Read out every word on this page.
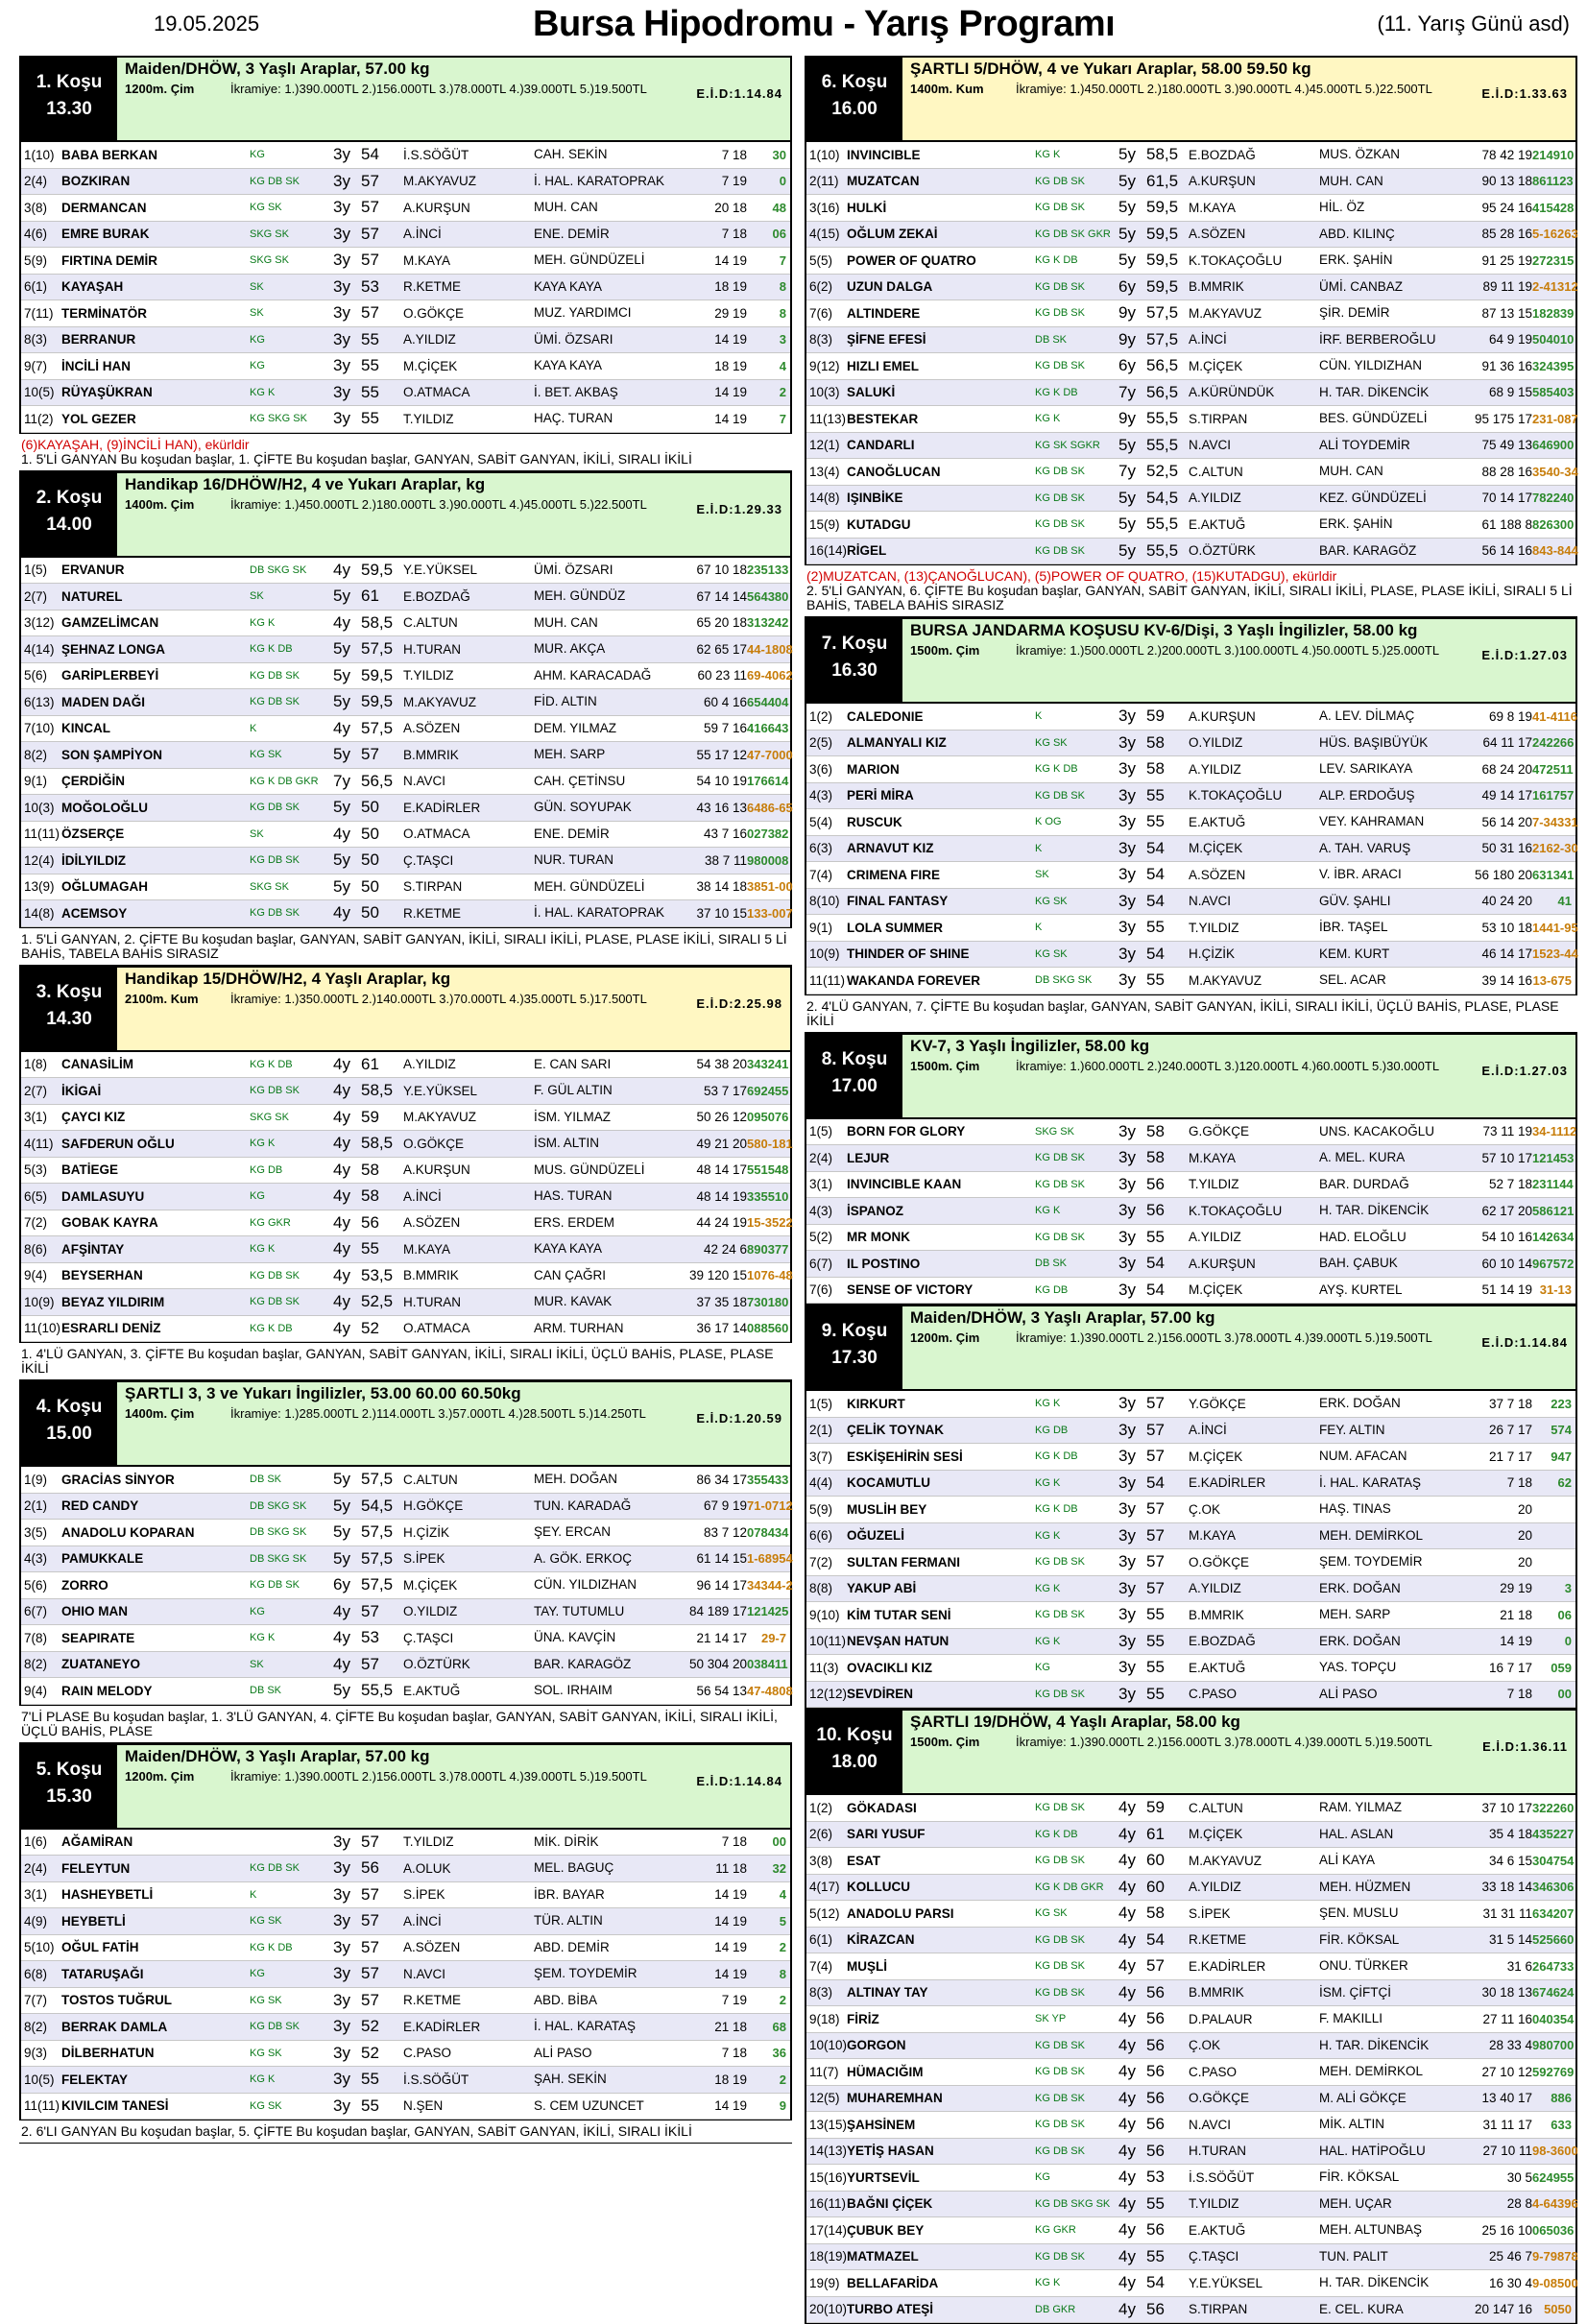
19.05.2025	Bursa Hipodromu - Yarış Programı	(11. Yarış Günü asd)
1. Koşu
13.30
Maiden/DHÖW, 3 Yaşlı Araplar, 57.00 kg
1200m. Çim	İkramiye: 1.)390.000TL 2.)156.000TL 3.)78.000TL 4.)39.000TL 5.)19.500TL	E.İ.D:1.14.84
1(10) BABA BERKAN	KG	3y 54	İ.S.SÖĞÜT	CAH. SEKİN	7 18	30
2(4)	BOZKIRAN	KG DB SK	3y 57	M.AKYAVUZ	İ. HAL. KARATOPRAK	7 19	0
3(8)	DERMANCAN	KG SK	3y 57	A.KURŞUN	MUH. CAN	20 18	48
4(6)	EMRE BURAK	SKG SK	3y 57	A.İNCİ	ENE. DEMİR	7 18	06
5(9)	FIRTINA DEMİR	SKG SK	3y 57	M.KAYA	MEH. GÜNDÜZELİ	14 19	7
6(1)	KAYAŞAH	SK	3y 53	R.KETME	KAYA KAYA	18 19	8
7(11) TERMİNATÖR	SK	3y 57	O.GÖKÇE	MUZ. YARDIMCI	29 19	8
8(3)	BERRANUR	KG	3y 55	A.YILDIZ	ÜMİ. ÖZSARI	14 19	3
9(7)	İNCİLİ HAN	KG	3y 55	M.ÇİÇEK	KAYA KAYA	18 19	4
10(5) RÜYAŞÜKRAN	KG K	3y 55	O.ATMACA	İ. BET. AKBAŞ	14 19	2
11(2) YOL GEZER	KG SKG SK	3y 55	T.YILDIZ	HAÇ. TURAN	14 19	7
(6)KAYAŞAH, (9)İNCİLİ HAN), ekürldir
1. 5'Lİ GANYAN Bu koşudan başlar, 1. ÇİFTE Bu koşudan başlar, GANYAN, SABİT GANYAN, İKİLİ, SIRALI İKİLİ
2. Koşu
14.00
Handikap 16/DHÖW/H2, 4 ve Yukarı Araplar, kg
1400m. Çim	İkramiye: 1.)450.000TL 2.)180.000TL 3.)90.000TL 4.)45.000TL 5.)22.500TL	E.İ.D:1.29.33
1(5)	ERVANUR	DB SKG SK	4y 59,5 Y.E.YÜKSEL	ÜMİ. ÖZSARI	67 10 18 235133
2(7)	NATUREL	SK	5y 61	E.BOZDAĞ	MEH. GÜNDÜZ	67 14 14 564380
3(12) GAMZELİMCAN	KG K	4y 58,5 C.ALTUN	MUH. CAN	65 20 18 313242
4(14) ŞEHNAZ LONGA	KG K DB	5y 57,5 H.TURAN	MUR. AKÇA	62 65 17 44-1808
5(6)	GARİPLERBEYİ	KG DB SK	5y 59,5 T.YILDIZ	AHM. KARACADAĞ	60 23 11 69-4062
6(13) MADEN DAĞI	KG DB SK	5y 59,5 M.AKYAVUZ	FİD. ALTIN	60 4 16 654404
7(10) KINCAL	K	4y 57,5 A.SÖZEN	DEM. YILMAZ	59 7 16 416643
8(2)	SON ŞAMPİYON	KG SK	5y 57	B.MMRIK	MEH. SARP	55 17 12 47-7000
9(1)	ÇERDİĞİN	KG K DB GKR 7y 56,5 N.AVCI	CAH. ÇETİNSU	54 10 19 176614
10(3) MOĞOLOĞLU	KG DB SK	5y 50	E.KADİRLER	GÜN. SOYUPAK	43 16 13 6486-65
11(11) ÖZSERÇE	SK	4y 50	O.ATMACA	ENE. DEMİR	43 7 16 027382
12(4) İDİLYILDIZ	KG DB SK	5y 50	Ç.TAŞCI	NUR. TURAN	38 7 11 980008
13(9) OĞLUMAGAH	SKG SK	5y 50	S.TIRPAN	MEH. GÜNDÜZELİ	38 14 18 3851-00
14(8) ACEMSOY	KG DB SK	4y 50	R.KETME	İ. HAL. KARATOPRAK	37 10 15 133-007
1. 5'Lİ GANYAN, 2. ÇİFTE Bu koşudan başlar, GANYAN, SABİT GANYAN, İKİLİ, SIRALI İKİLİ, PLASE, PLASE İKİLİ, SIRALI 5 Lİ BAHİS, TABELA BAHİS SIRASIZ
3. Koşu
14.30
Handikap 15/DHÖW/H2, 4 Yaşlı Araplar, kg
2100m. Kum	İkramiye: 1.)350.000TL 2.)140.000TL 3.)70.000TL 4.)35.000TL 5.)17.500TL	E.İ.D:2.25.98
1(8)	CANASİLİM	KG K DB	4y 61	A.YILDIZ	E. CAN SARI	54 38 20 343241
2(7)	İKİGAİ	KG DB SK	4y 58,5 Y.E.YÜKSEL	F. GÜL ALTIN	53 7 17 692455
3(1)	ÇAYCI KIZ	SKG SK	4y 59	M.AKYAVUZ	İSM. YILMAZ	50 26 12 095076
4(11) SAFDERUN OĞLU	KG K	4y 58,5 O.GÖKÇE	İSM. ALTIN	49 21 20 580-181
5(3)	BATİEGE	KG DB	4y 58	A.KURŞUN	MUS. GÜNDÜZELİ	48 14 17 551548
6(5)	DAMLASUYU	KG	4y 58	A.İNCİ	HAS. TURAN	48 14 19 335510
7(2)	GOBAK KAYRA	KG GKR	4y 56	A.SÖZEN	ERS. ERDEM	44 24 19 15-3522
8(6)	AFŞİNTAY	KG K	4y 55	M.KAYA	KAYA KAYA	42 24 6 890377
9(4)	BEYSERHAN	KG DB SK	4y 53,5 B.MMRIK	CAN ÇAĞRI	39 120 15 1076-48
10(9) BEYAZ YILDIRIM	KG DB SK	4y 52,5 H.TURAN	MUR. KAVAK	37 35 18 730180
11(10) ESRARLI DENİZ	KG K DB	4y 52	O.ATMACA	ARM. TURHAN	36 17 14 088560
1. 4'LÜ GANYAN, 3. ÇİFTE Bu koşudan başlar, GANYAN, SABİT GANYAN, İKİLİ, SIRALI İKİLİ, ÜÇLÜ BAHİS, PLASE, PLASE İKİLİ
4. Koşu
15.00
ŞARTLI 3, 3 ve Yukarı İngilizler, 53.00 60.00 60.50kg
1400m. Çim	İkramiye: 1.)285.000TL 2.)114.000TL 3.)57.000TL 4.)28.500TL 5.)14.250TL	E.İ.D:1.20.59
1(9)	GRACİAS SİNYOR	DB SK	5y 57,5 C.ALTUN	MEH. DOĞAN	86 34 17 355433
2(1)	RED CANDY	DB SKG SK	5y 54,5 H.GÖKÇE	TUN. KARADAĞ	67 9 19 71-0712
3(5)	ANADOLU KOPARAN	DB SKG SK	5y 57,5 H.ÇİZİK	ŞEY. ERCAN	83 7 12 078434
4(3)	PAMUKKALE	DB SKG SK	5y 57,5 S.İPEK	A. GÖK. ERKOÇ	61 14 15 1-68954
5(6)	ZORRO	KG DB SK	6y 57,5 M.ÇİÇEK	CÜN. YILDIZHAN	96 14 17 34344-2
6(7)	OHIO MAN	KG	4y 57	O.YILDIZ	TAY. TUTUMLU	84 189 17 121425
7(8)	SEAPIRATE	KG K	4y 53	Ç.TAŞCI	ÜNA. KAVÇİN	21 14 17	29-7
8(2)	ZUATANEYO	SK	4y 57	O.ÖZTÜRK	BAR. KARAGÖZ	50 304 20 038411
9(4)	RAIN MELODY	DB SK	5y 55,5 E.AKTUĞ	SOL. IRHAIM	56 54 13 47-4808
7'Lİ PLASE Bu koşudan başlar, 1. 3'LÜ GANYAN, 4. ÇİFTE Bu koşudan başlar, GANYAN, SABİT GANYAN, İKİLİ, SIRALI İKİLİ, ÜÇLÜ BAHİS, PLASE
5. Koşu
15.30
Maiden/DHÖW, 3 Yaşlı Araplar, 57.00 kg
1200m. Çim	İkramiye: 1.)390.000TL 2.)156.000TL 3.)78.000TL 4.)39.000TL 5.)19.500TL	E.İ.D:1.14.84
1(6)	AĞAMİRAN	3y 57	T.YILDIZ	MİK. DİRİK	7 18	00
2(4)	FELEYTUN	KG DB SK	3y 56	A.OLUK	MEL. BAGUÇ	11 18	32
3(1)	HASHEYBETLİ	K	3y 57	S.İPEK	İBR. BAYAR	14 19	4
4(9)	HEYBETLİ	KG SK	3y 57	A.İNCİ	TÜR. ALTIN	14 19	5
5(10) OĞUL FATİH	KG K DB	3y 57	A.SÖZEN	ABD. DEMİR	14 19	2
6(8)	TATARUŞAĞI	KG	3y 57	N.AVCI	ŞEM. TOYDEMİR	14 19	8
7(7)	TOSTOS TUĞRUL	KG SK	3y 57	R.KETME	ABD. BİBA	7 19	2
8(2)	BERRAK DAMLA	KG DB SK	3y 52	E.KADİRLER	İ. HAL. KARATAŞ	21 18	68
9(3)	DİLBERHATUN	KG SK	3y 52	C.PASO	ALİ PASO	7 18	36
10(5) FELEKTAY	KG K	3y 55	İ.S.SÖĞÜT	ŞAH. SEKİN	18 19	2
11(11) KIVILCIM TANESİ	KG SK	3y 55	N.ŞEN	S. CEM UZUNCET	14 19	9
2. 6'LI GANYAN Bu koşudan başlar, 5. ÇİFTE Bu koşudan başlar, GANYAN, SABİT GANYAN, İKİLİ, SIRALI İKİLİ
6. Koşu
16.00
ŞARTLI 5/DHÖW, 4 ve Yukarı Araplar, 58.00 59.50 kg
1400m. Kum	İkramiye: 1.)450.000TL 2.)180.000TL 3.)90.000TL 4.)45.000TL 5.)22.500TL	E.İ.D:1.33.63
1(10) INVINCIBLE	KG K	5y 58,5 E.BOZDAĞ	MUS. ÖZKAN	78 42 19 214910
2(11) MUZATCAN	KG DB SK	5y 61,5 A.KURŞUN	MUH. CAN	90 13 18 861123
3(16) HULKİ	KG DB SK	5y 59,5 M.KAYA	HİL. ÖZ	95 24 16 415428
4(15) OĞLUM ZEKAİ	KG DB SK GKR 5y 59,5 A.SÖZEN	ABD. KILINÇ	85 28 16 5-16263
5(5)	POWER OF QUATRO	KG K DB	5y 59,5 K.TOKAÇOĞLU	ERK. ŞAHİN	91 25 19 272315
6(2)	UZUN DALGA	KG DB SK	6y 59,5 B.MMRIK	ÜMİ. CANBAZ	89 11 19 2-41312
7(6)	ALTINDERE	KG DB SK	9y 57,5 M.AKYAVUZ	ŞİR. DEMİR	87 13 15 182839
8(3)	ŞİFNE EFESİ	DB SK	9y 57,5 A.İNCİ	İRF. BERBEROĞLU	64 9 19 504010
9(12) HIZLI EMEL	KG DB SK	6y 56,5 M.ÇİÇEK	CÜN. YILDIZHAN	91 36 16 324395
10(3) SALUKİ	KG K DB	7y 56,5 A.KÜRÜNDÜK	H. TAR. DİKENCİK	68 9 15 585403
11(13) BESTEKAR	KG K	9y 55,5 S.TIRPAN	BES. GÜNDÜZELİ	95 175 17 231-087
12(1) CANDARLI	KG SK SGKR	5y 55,5 N.AVCI	ALİ TOYDEMİR	75 49 13 646900
13(4) CANOĞLUCAN	KG DB SK	7y 52,5 C.ALTUN	MUH. CAN	88 28 16 3540-34
14(8) IŞINBİKE	KG DB SK	5y 54,5 A.YILDIZ	KEZ. GÜNDÜZELİ	70 14 17 782240
15(9) KUTADGU	KG DB SK	5y 55,5 E.AKTUĞ	ERK. ŞAHİN	61 188 8 826300
16(14) RİGEL	KG DB SK	5y 55,5 O.ÖZTÜRK	BAR. KARAGÖZ	56 14 16 843-844
(2)MUZATCAN, (13)ÇANOĞLUCAN), (5)POWER OF QUATRO, (15)KUTADGU), ekürldir
2. 5'Lİ GANYAN, 6. ÇİFTE Bu koşudan başlar, GANYAN, SABİT GANYAN, İKİLİ, SIRALI İKİLİ, PLASE, PLASE İKİLİ, SIRALI 5 Lİ BAHİS, TABELA BAHİS SIRASIZ
7. Koşu
16.30
BURSA JANDARMA KOŞUSU KV-6/Dişi, 3 Yaşlı İngilizler, 58.00 kg
1500m. Çim	İkramiye: 1.)500.000TL 2.)200.000TL 3.)100.000TL 4.)50.000TL 5.)25.000TL	E.İ.D:1.27.03
1(2)	CALEDONIE	K	3y 59	A.KURŞUN	A. LEV. DİLMAÇ	69 8 19 41-4116
2(5)	ALMANYALI KIZ	KG SK	3y 58	O.YILDIZ	HÜS. BAŞIBÜYÜK	64 11 17 242266
3(6)	MARION	KG K DB	3y 58	A.YILDIZ	LEV. SARIKAYA	68 24 20 472511
4(3)	PERİ MİRA	KG DB SK	3y 55	K.TOKAÇOĞLU	ALP. ERDOĞUŞ	49 14 17 161757
5(4)	RUSCUK	K OG	3y 55	E.AKTUĞ	VEY. KAHRAMAN	56 14 20 7-34331
6(3)	ARNAVUT KIZ	K	3y 54	M.ÇİÇEK	A. TAH. VARUŞ	50 31 16 2162-30
7(4)	CRIMENA FIRE	SK	3y 54	A.SÖZEN	V. İBR. ARACI	56 180 20 631341
8(10) FINAL FANTASY	KG SK	3y 54	N.AVCI	GÜV. ŞAHLI	40 24 20	41
9(1)	LOLA SUMMER	K	3y 55	T.YILDIZ	İBR. TAŞEL	53 10 18 1441-95
10(9) THINDER OF SHINE	KG SK	3y 54	H.ÇİZİK	KEM. KURT	46 14 17 1523-44
11(11) WAKANDA FOREVER	DB SKG SK	3y 55	M.AKYAVUZ	SEL. ACAR	39 14 16 13-675
2. 4'LÜ GANYAN, 7. ÇİFTE Bu koşudan başlar, GANYAN, SABİT GANYAN, İKİLİ, SIRALI İKİLİ, ÜÇLÜ BAHİS, PLASE, PLASE İKİLİ
8. Koşu
17.00
KV-7, 3 Yaşlı İngilizler, 58.00 kg
1500m. Çim	İkramiye: 1.)600.000TL 2.)240.000TL 3.)120.000TL 4.)60.000TL 5.)30.000TL	E.İ.D:1.27.03
1(5)	BORN FOR GLORY	SKG SK	3y 58	G.GÖKÇE	UNS. KACAKOĞLU	73 11 19 34-1112
2(4)	LEJUR	KG DB SK	3y 58	M.KAYA	A. MEL. KURA	57 10 17 121453
3(1)	INVINCIBLE KAAN	KG DB SK	3y 56	T.YILDIZ	BAR. DURDAĞ	52 7 18 231144
4(3)	İSPANOZ	KG K	3y 56	K.TOKAÇOĞLU	H. TAR. DİKENCİK	62 17 20 586121
5(2)	MR MONK	KG DB SK	3y 55	A.YILDIZ	HAD. ELOĞLU	54 10 16 142634
6(7)	IL POSTINO	DB SK	3y 54	A.KURŞUN	BAH. ÇABUK	60 10 14 967572
7(6)	SENSE OF VICTORY	KG DB	3y 54	M.ÇİÇEK	AYŞ. KURTEL	51 14 19 31-13
9. Koşu
17.30
Maiden/DHÖW, 3 Yaşlı Araplar, 57.00 kg
1200m. Çim	İkramiye: 1.)390.000TL 2.)156.000TL 3.)78.000TL 4.)39.000TL 5.)19.500TL	E.İ.D:1.14.84
1(5)	KIRKURT	KG K	3y 57	Y.GÖKÇE	ERK. DOĞAN	37 7 18	223
2(1)	ÇELİK TOYNAK	KG DB	3y 57	A.İNCİ	FEY. ALTIN	26 7 17	574
3(7)	ESKİŞEHİRİN SESİ	KG K DB	3y 57	M.ÇİÇEK	NUM. AFACAN	21 7 17	947
4(4)	KOCAMUTLU	KG K	3y 54	E.KADİRLER	İ. HAL. KARATAŞ	7 18	62
5(9)	MUSLİH BEY	KG K DB	3y 57	Ç.OK	HAŞ. TINAS	20
6(6)	OĞUZELİ	KG K	3y 57	M.KAYA	MEH. DEMİRKOL	20
7(2)	SULTAN FERMANI	KG DB SK	3y 57	O.GÖKÇE	ŞEM. TOYDEMİR	20
8(8)	YAKUP ABİ	KG K	3y 57	A.YILDIZ	ERK. DOĞAN	29 19	3
9(10) KİM TUTAR SENİ	KG DB SK	3y 55	B.MMRIK	MEH. SARP	21 18	06
10(11) NEVŞAN HATUN	KG K	3y 55	E.BOZDAĞ	ERK. DOĞAN	14 19	0
11(3) OVACIKLI KIZ	KG	3y 55	E.AKTUĞ	YAS. TOPÇU	16 7 17	059
12(12) SEVDİREN	KG DB SK	3y 55	C.PASO	ALİ PASO	7 18	00
10. Koşu
18.00
ŞARTLI 19/DHÖW, 4 Yaşlı Araplar, 58.00 kg
1500m. Çim	İkramiye: 1.)390.000TL 2.)156.000TL 3.)78.000TL 4.)39.000TL 5.)19.500TL	E.İ.D:1.36.11
1(2)	GÖKADASI	KG DB SK	4y 59	C.ALTUN	RAM. YILMAZ	37 10 17 322260
2(6)	SARI YUSUF	KG K DB	4y 61	M.ÇİÇEK	HAL. ASLAN	35 4 18 435227
3(8)	ESAT	KG DB SK	4y 60	M.AKYAVUZ	ALİ KAYA	34 6 15 304754
4(17) KOLLUCU	KG K DB GKR 4y 60	A.YILDIZ	MEH. HÜZMEN	33 18 14 346306
5(12) ANADOLU PARSI	KG SK	4y 58	S.İPEK	ŞEN. MUSLU	31 31 11 634207
6(1)	KİRAZCAN	KG DB SK	4y 54	R.KETME	FİR. KÖKSAL	31 5 14 525660
7(4)	MUŞLİ	KG DB SK	4y 57	E.KADİRLER	ONU. TÜRKER	31 6 264733
8(3)	ALTINAY TAY	KG DB SK	4y 56	B.MMRIK	İSM. ÇİFTÇİ	30 18 13 674624
9(18) FİRİZ	SK YP	4y 56	D.PALAUR	F. MAKILLI	27 11 16 040354
10(10) GORGON	KG DB SK	4y 56	Ç.OK	H. TAR. DİKENCİK	28 33 4 980700
11(7) HÜMACIĞIM	KG DB SK	4y 56	C.PASO	MEH. DEMİRKOL	27 10 12 592769
12(5) MUHAREMHAN	KG DB SK	4y 56	O.GÖKÇE	M. ALİ GÖKÇE	13 40 17	886
13(15) ŞAHSİNEM	KG DB SK	4y 56	N.AVCI	MİK. ALTIN	31 11 17	633
14(13) YETİŞ HASAN	KG DB SK	4y 56	H.TURAN	HAL. HATİPOĞLU	27 10 11 98-3600
15(16) YURTSEVİL	KG	4y 53	İ.S.SÖĞÜT	FİR. KÖKSAL	30 5 624955
16(11) BAĞNI ÇİÇEK	KG DB SKG SK 4y 55	T.YILDIZ	MEH. UÇAR	28 8 4-64396
17(14) ÇUBUK BEY	KG GKR	4y 56	E.AKTUĞ	MEH. ALTUNBAŞ	25 16 10 065036
18(19) MATMAZEL	KG DB SK	4y 55	Ç.TAŞCI	TUN. PALIT	25 46 7 9-79878
19(9) BELLAFARİDA	KG K	4y 54	Y.E.YÜKSEL	H. TAR. DİKENCİK	16 30 4 9-08500
20(10) TURBO ATEŞİ	DB GKR	4y 56	S.TIRPAN	E. CEL. KURA	20 147 16 5050
